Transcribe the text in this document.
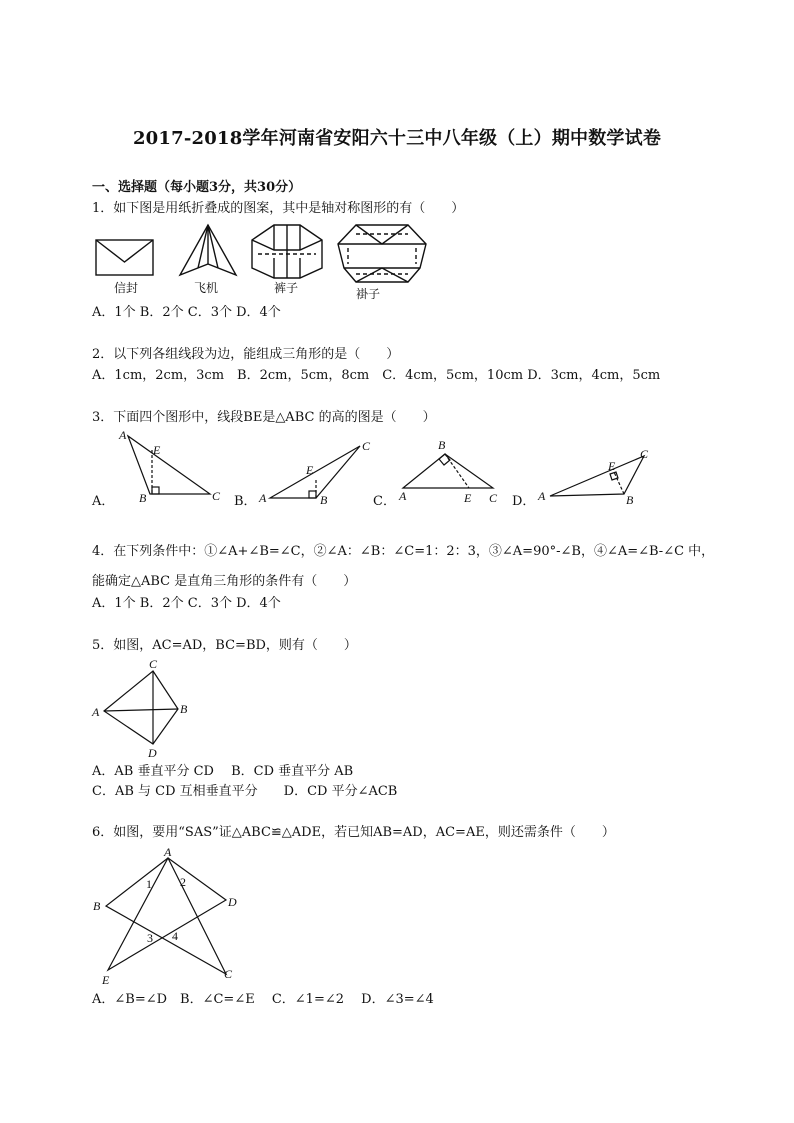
2017-2018学年河南省安阳六十三中八年级（上）期中数学试卷
一、选择题（每小题3分，共30分）
1．如下图是用纸折叠成的图案，其中是轴对称图形的有（　　）
信封	飞机	裤子	褂子
A．1个 B．2个 C．3个 D．4个
2．以下列各组线段为边，能组成三角形的是（　　）
A．1cm，2cm，3cm　B．2cm，5cm，8cm　C．4cm，5cm，10cm D．3cm，4cm，5cm
3．下面四个图形中，线段BE是△ABC 的高的图是（　　）
A．	B．	C．	D．
A
E
B	C	A
E
B
C	B
A	E C	A
E
B
C
4．在下列条件中：①∠A+∠B=∠C，②∠A：∠B：∠C=1：2：3，③∠A=90°-∠B，④∠A=∠B-∠C 中，
能确定△ABC 是直角三角形的条件有（　　）
A．1个 B．2个 C．3个 D．4个
5．如图，AC=AD，BC=BD，则有（　　）
C
A	B
D
A．AB 垂直平分 CD　 B．CD 垂直平分 AB
C．AB 与 CD 互相垂直平分　　D．CD 平分∠ACB
6．如图，要用“SAS”证△ABC≌△ADE，若已知AB=AD，AC=AE，则还需条件（　　）
A
B	D
E	C
1 2
3 4
A．∠B=∠D　B．∠C=∠E　 C．∠1=∠2　 D．∠3=∠4
